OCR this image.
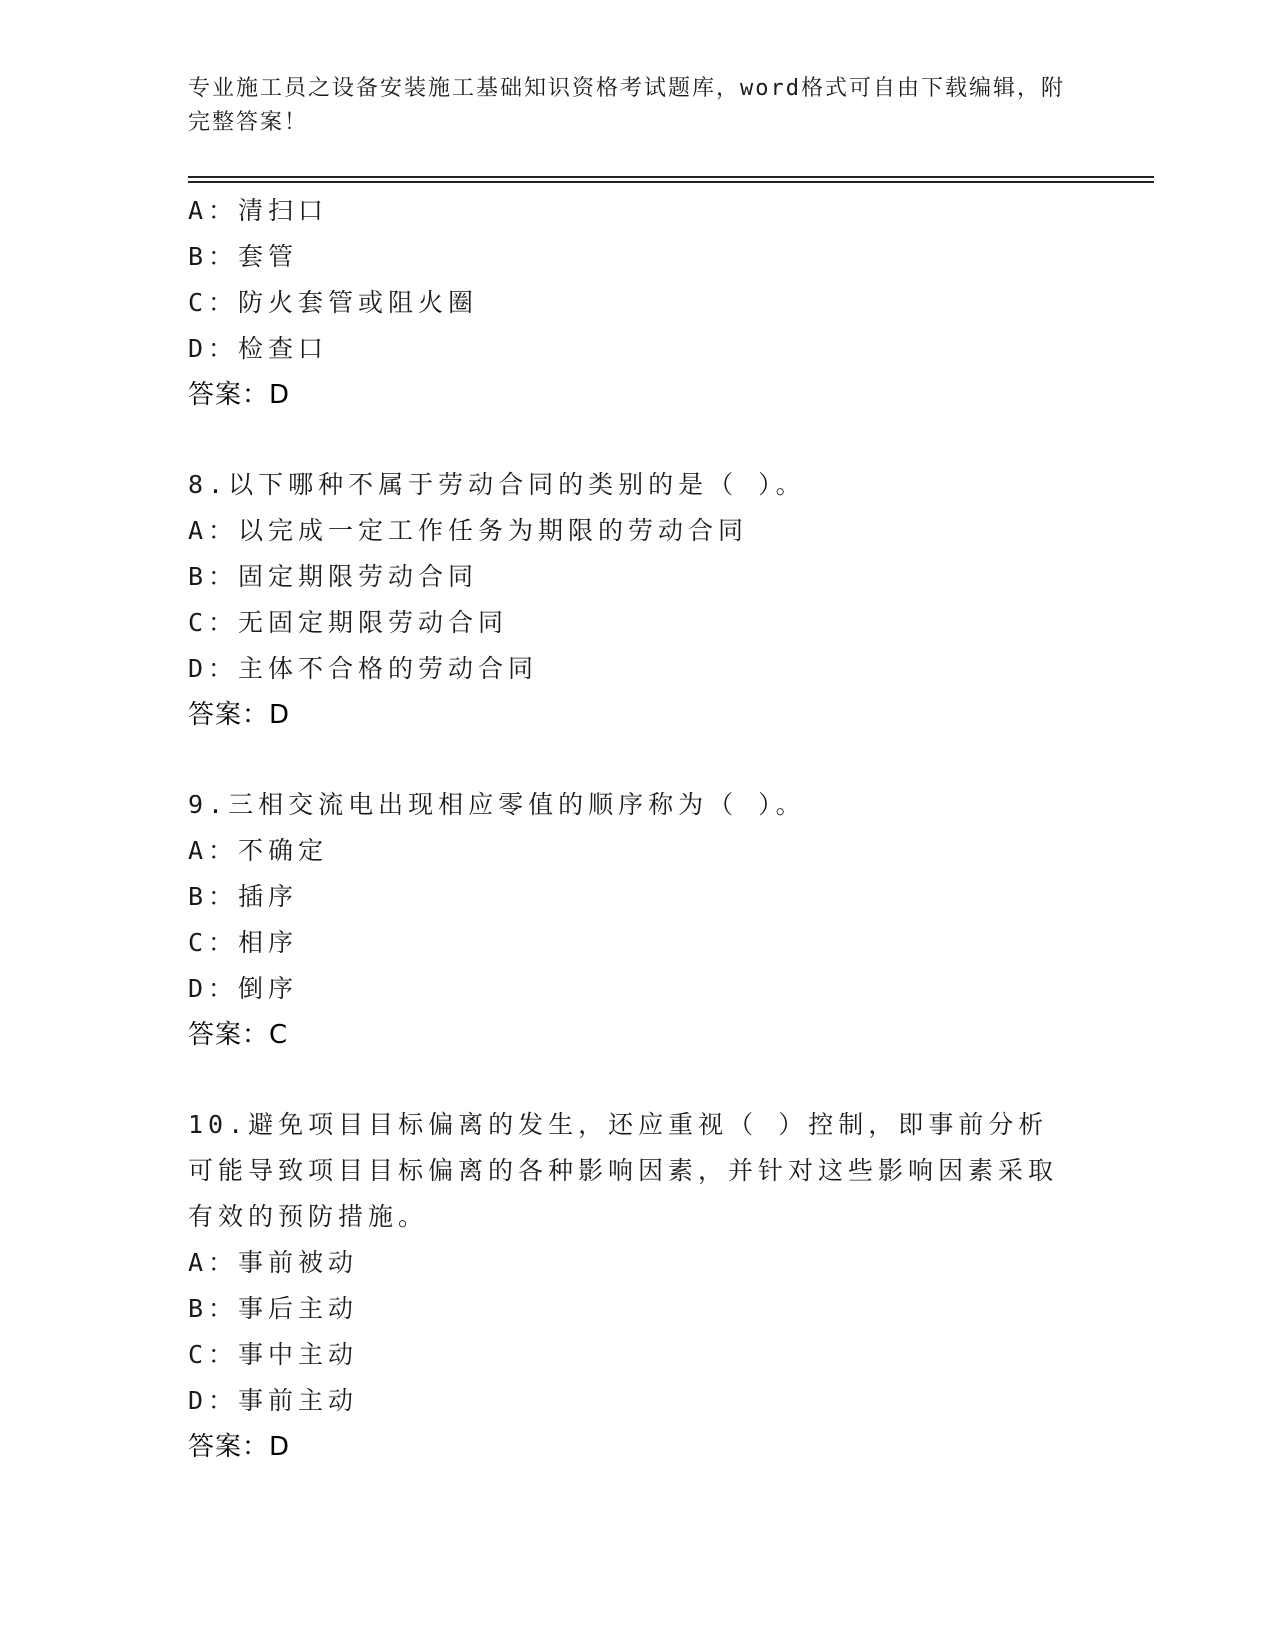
专业施工员之设备安装施工基础知识资格考试题库，word格式可自由下载编辑，附完整答案！
A：清扫口
B：套管
C：防火套管或阻火圈
D：检查口
答案：D
8.以下哪种不属于劳动合同的类别的是（ ）。
A：以完成一定工作任务为期限的劳动合同
B：固定期限劳动合同
C：无固定期限劳动合同
D：主体不合格的劳动合同
答案：D
9.三相交流电出现相应零值的顺序称为（ ）。
A：不确定
B：插序
C：相序
D：倒序
答案：C
10.避免项目目标偏离的发生，还应重视（ ）控制，即事前分析可能导致项目目标偏离的各种影响因素，并针对这些影响因素采取有效的预防措施。
A：事前被动
B：事后主动
C：事中主动
D：事前主动
答案：D
